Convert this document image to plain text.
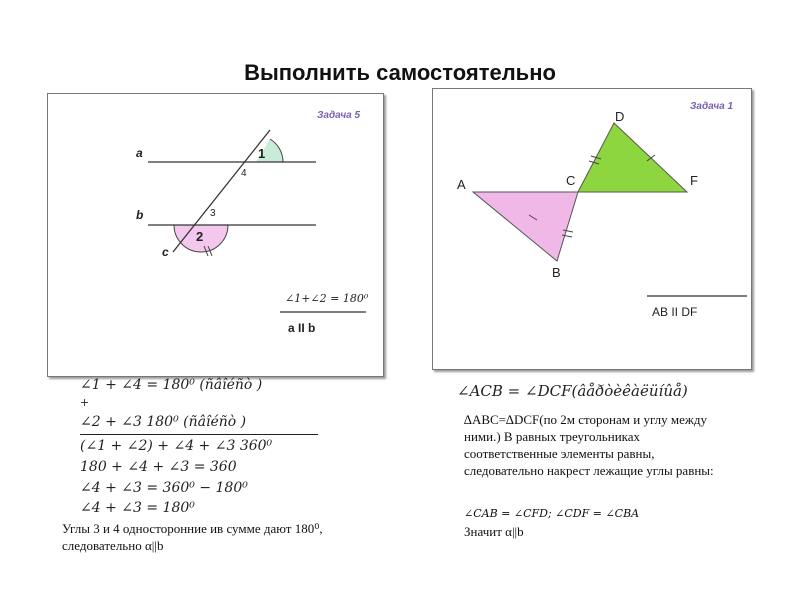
Выполнить самостоятельно
a
b
c
1
2
3
4
∠1+∠2 = 180⁰
a II b
Задача 5
A
B
C
D
F
AB II DF
Задача 1
∠1 + ∠4 = 180⁰ (ñâîéñò )
+
∠2 + ∠3 180⁰ (ñâîéñò )
(∠1 + ∠2) + ∠4 + ∠3 360⁰
180 + ∠4 + ∠3 = 360
∠4 + ∠3 = 360⁰ − 180⁰
∠4 + ∠3 = 180⁰
Углы 3 и 4 односторонние ив сумме дают 180⁰, следовательно α||b
∠ACB = ∠DCF(âåðòèêàëüíûå)
∆ABC=∆DCF(по 2м сторонам и углу между ними.) В равных треугольниках соответственные элементы равны, следовательно накрест лежащие углы равны:
∠CAB = ∠CFD; ∠CDF = ∠CBA
Значит α||b
